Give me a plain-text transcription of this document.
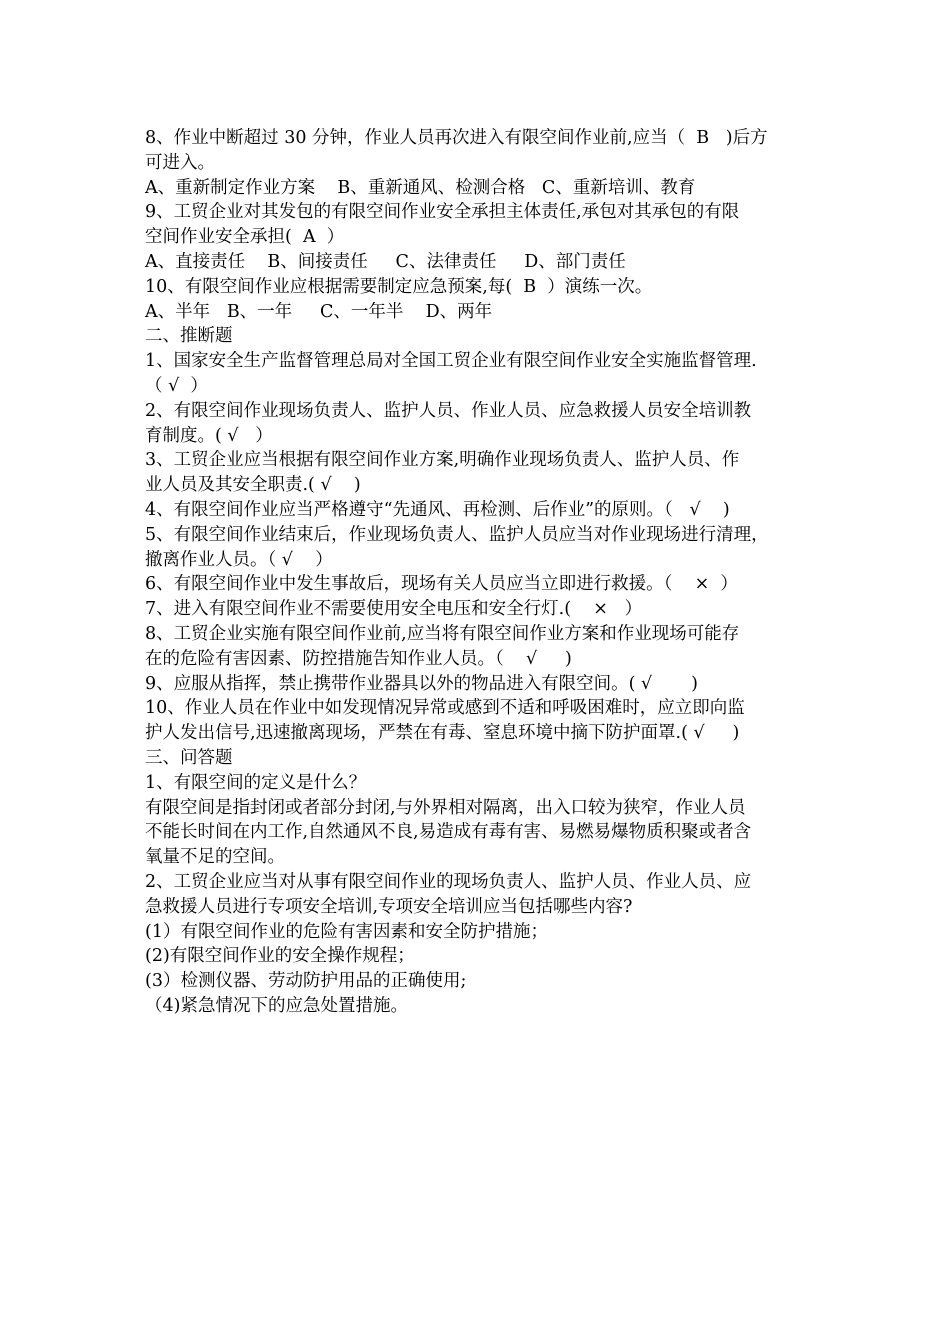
8、作业中断超过 30 分钟，作业人员再次进入有限空间作业前,应当（  B   )后方
可进入。
A、重新制定作业方案    B、重新通风、检测合格   C、重新培训、教育
9、工贸企业对其发包的有限空间作业安全承担主体责任,承包对其承包的有限
空间作业安全承担(  A  ）
A、直接责任    B、间接责任     C、法律责任     D、部门责任
10、有限空间作业应根据需要制定应急预案,每(  B  ）演练一次。
A、半年   B、一年     C、一年半    D、两年
二、推断题
1、国家安全生产监督管理总局对全国工贸企业有限空间作业安全实施监督管理.
（ √  ）
2、有限空间作业现场负责人、监护人员、作业人员、应急救援人员安全培训教
育制度。( √   ）
3、工贸企业应当根据有限空间作业方案,明确作业现场负责人、监护人员、作
业人员及其安全职责.( √    )
4、有限空间作业应当严格遵守“先通风、再检测、后作业”的原则。（   √    )
5、有限空间作业结束后，作业现场负责人、监护人员应当对作业现场进行清理，
撤离作业人员。（ √    ）
6、有限空间作业中发生事故后，现场有关人员应当立即进行救援。（    ×  ）
7、进入有限空间作业不需要使用安全电压和安全行灯.(    ×   ）
8、工贸企业实施有限空间作业前,应当将有限空间作业方案和作业现场可能存
在的危险有害因素、防控措施告知作业人员。（    √     )
9、应服从指挥，禁止携带作业器具以外的物品进入有限空间。( √       )
10、作业人员在作业中如发现情况异常或感到不适和呼吸困难时，应立即向监
护人发出信号,迅速撤离现场，严禁在有毒、窒息环境中摘下防护面罩.( √     )
三、问答题
1、有限空间的定义是什么？
有限空间是指封闭或者部分封闭,与外界相对隔离，出入口较为狭窄，作业人员
不能长时间在内工作,自然通风不良,易造成有毒有害、易燃易爆物质积聚或者含
氧量不足的空间。
2、工贸企业应当对从事有限空间作业的现场负责人、监护人员、作业人员、应
急救援人员进行专项安全培训,专项安全培训应当包括哪些内容?
(1）有限空间作业的危险有害因素和安全防护措施；
(2)有限空间作业的安全操作规程；
(3）检测仪器、劳动防护用品的正确使用;
（4)紧急情况下的应急处置措施。
